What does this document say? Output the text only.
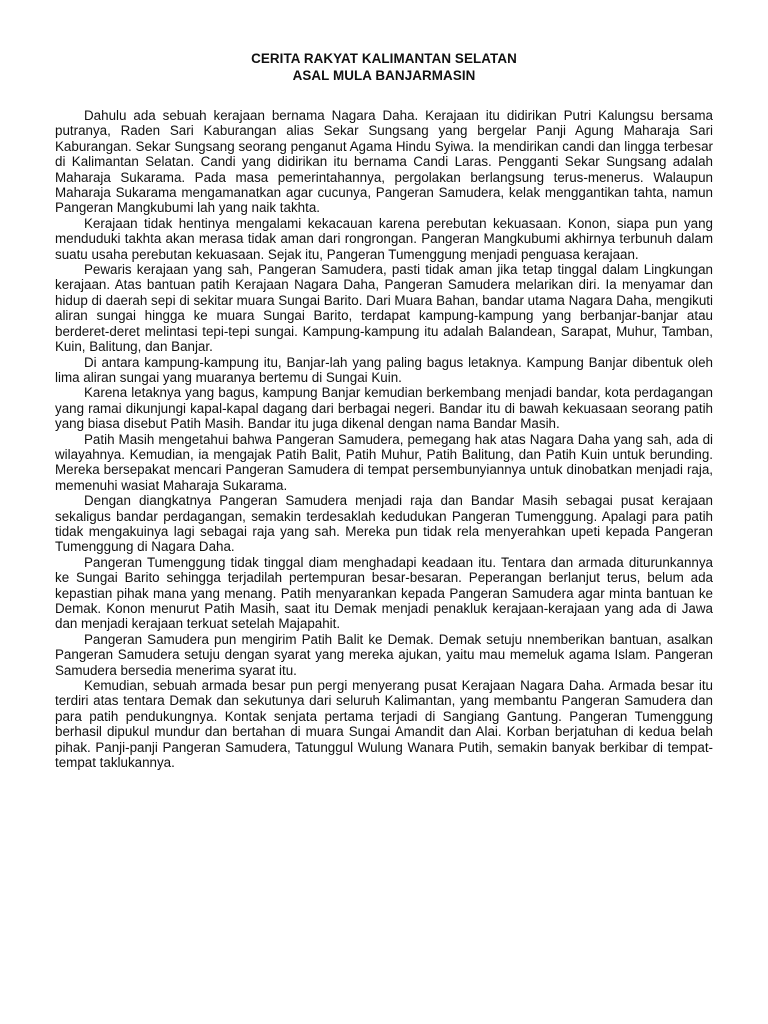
CERITA RAKYAT KALIMANTAN SELATAN
ASAL MULA BANJARMASIN

Dahulu ada sebuah kerajaan bernama Nagara Daha. Kerajaan itu didirikan Putri Kalungsu bersama putranya, Raden Sari Kaburangan alias Sekar Sungsang yang bergelar Panji Agung Maharaja Sari Kaburangan. Sekar Sungsang seorang penganut Agama Hindu Syiwa. Ia mendirikan candi dan lingga terbesar di Kalimantan Selatan. Candi yang didirikan itu bernama Candi Laras. Pengganti Sekar Sungsang adalah Maharaja Sukarama. Pada masa pemerintahannya, pergolakan berlangsung terus-menerus. Walaupun Maharaja Sukarama mengamanatkan agar cucunya, Pangeran Samudera, kelak menggantikan tahta, namun Pangeran Mangkubumi lah yang naik takhta.

Kerajaan tidak hentinya mengalami kekacauan karena perebutan kekuasaan. Konon, siapa pun yang menduduki takhta akan merasa tidak aman dari rongrongan. Pangeran Mangkubumi akhirnya terbunuh dalam suatu usaha perebutan kekuasaan. Sejak itu, Pangeran Tumenggung menjadi penguasa kerajaan.

Pewaris kerajaan yang sah, Pangeran Samudera, pasti tidak aman jika tetap tinggal dalam Lingkungan kerajaan. Atas bantuan patih Kerajaan Nagara Daha, Pangeran Samudera melarikan diri. Ia menyamar dan hidup di daerah sepi di sekitar muara Sungai Barito. Dari Muara Bahan, bandar utama Nagara Daha, mengikuti aliran sungai hingga ke muara Sungai Barito, terdapat kampung-kampung yang berbanjar-banjar atau berderet-deret melintasi tepi-tepi sungai. Kampung-kampung itu adalah Balandean, Sarapat, Muhur, Tamban, Kuin, Balitung, dan Banjar.

Di antara kampung-kampung itu, Banjar-lah yang paling bagus letaknya. Kampung Banjar dibentuk oleh lima aliran sungai yang muaranya bertemu di Sungai Kuin.

Karena letaknya yang bagus, kampung Banjar kemudian berkembang menjadi bandar, kota perdagangan yang ramai dikunjungi kapal-kapal dagang dari berbagai negeri. Bandar itu di bawah kekuasaan seorang patih yang biasa disebut Patih Masih. Bandar itu juga dikenal dengan nama Bandar Masih.

Patih Masih mengetahui bahwa Pangeran Samudera, pemegang hak atas Nagara Daha yang sah, ada di wilayahnya. Kemudian, ia mengajak Patih Balit, Patih Muhur, Patih Balitung, dan Patih Kuin untuk berunding. Mereka bersepakat mencari Pangeran Samudera di tempat persembunyiannya untuk dinobatkan menjadi raja, memenuhi wasiat Maharaja Sukarama.

Dengan diangkatnya Pangeran Samudera menjadi raja dan Bandar Masih sebagai pusat kerajaan sekaligus bandar perdagangan, semakin terdesaklah kedudukan Pangeran Tumenggung. Apalagi para patih tidak mengakuinya lagi sebagai raja yang sah. Mereka pun tidak rela menyerahkan upeti kepada Pangeran Tumenggung di Nagara Daha.

Pangeran Tumenggung tidak tinggal diam menghadapi keadaan itu. Tentara dan armada diturunkannya ke Sungai Barito sehingga terjadilah pertempuran besar-besaran. Peperangan berlanjut terus, belum ada kepastian pihak mana yang menang. Patih menyarankan kepada Pangeran Samudera agar minta bantuan ke Demak. Konon menurut Patih Masih, saat itu Demak menjadi penakluk kerajaan-kerajaan yang ada di Jawa dan menjadi kerajaan terkuat setelah Majapahit.

Pangeran Samudera pun mengirim Patih Balit ke Demak. Demak setuju nnemberikan bantuan, asalkan Pangeran Samudera setuju dengan syarat yang mereka ajukan, yaitu mau memeluk agama Islam. Pangeran Samudera bersedia menerima syarat itu.

Kemudian, sebuah armada besar pun pergi menyerang pusat Kerajaan Nagara Daha. Armada besar itu terdiri atas tentara Demak dan sekutunya dari seluruh Kalimantan, yang membantu Pangeran Samudera dan para patih pendukungnya. Kontak senjata pertama terjadi di Sangiang Gantung. Pangeran Tumenggung berhasil dipukul mundur dan bertahan di muara Sungai Amandit dan Alai. Korban berjatuhan di kedua belah pihak. Panji-panji Pangeran Samudera, Tatunggul Wulung Wanara Putih, semakin banyak berkibar di tempat-tempat taklukannya.
